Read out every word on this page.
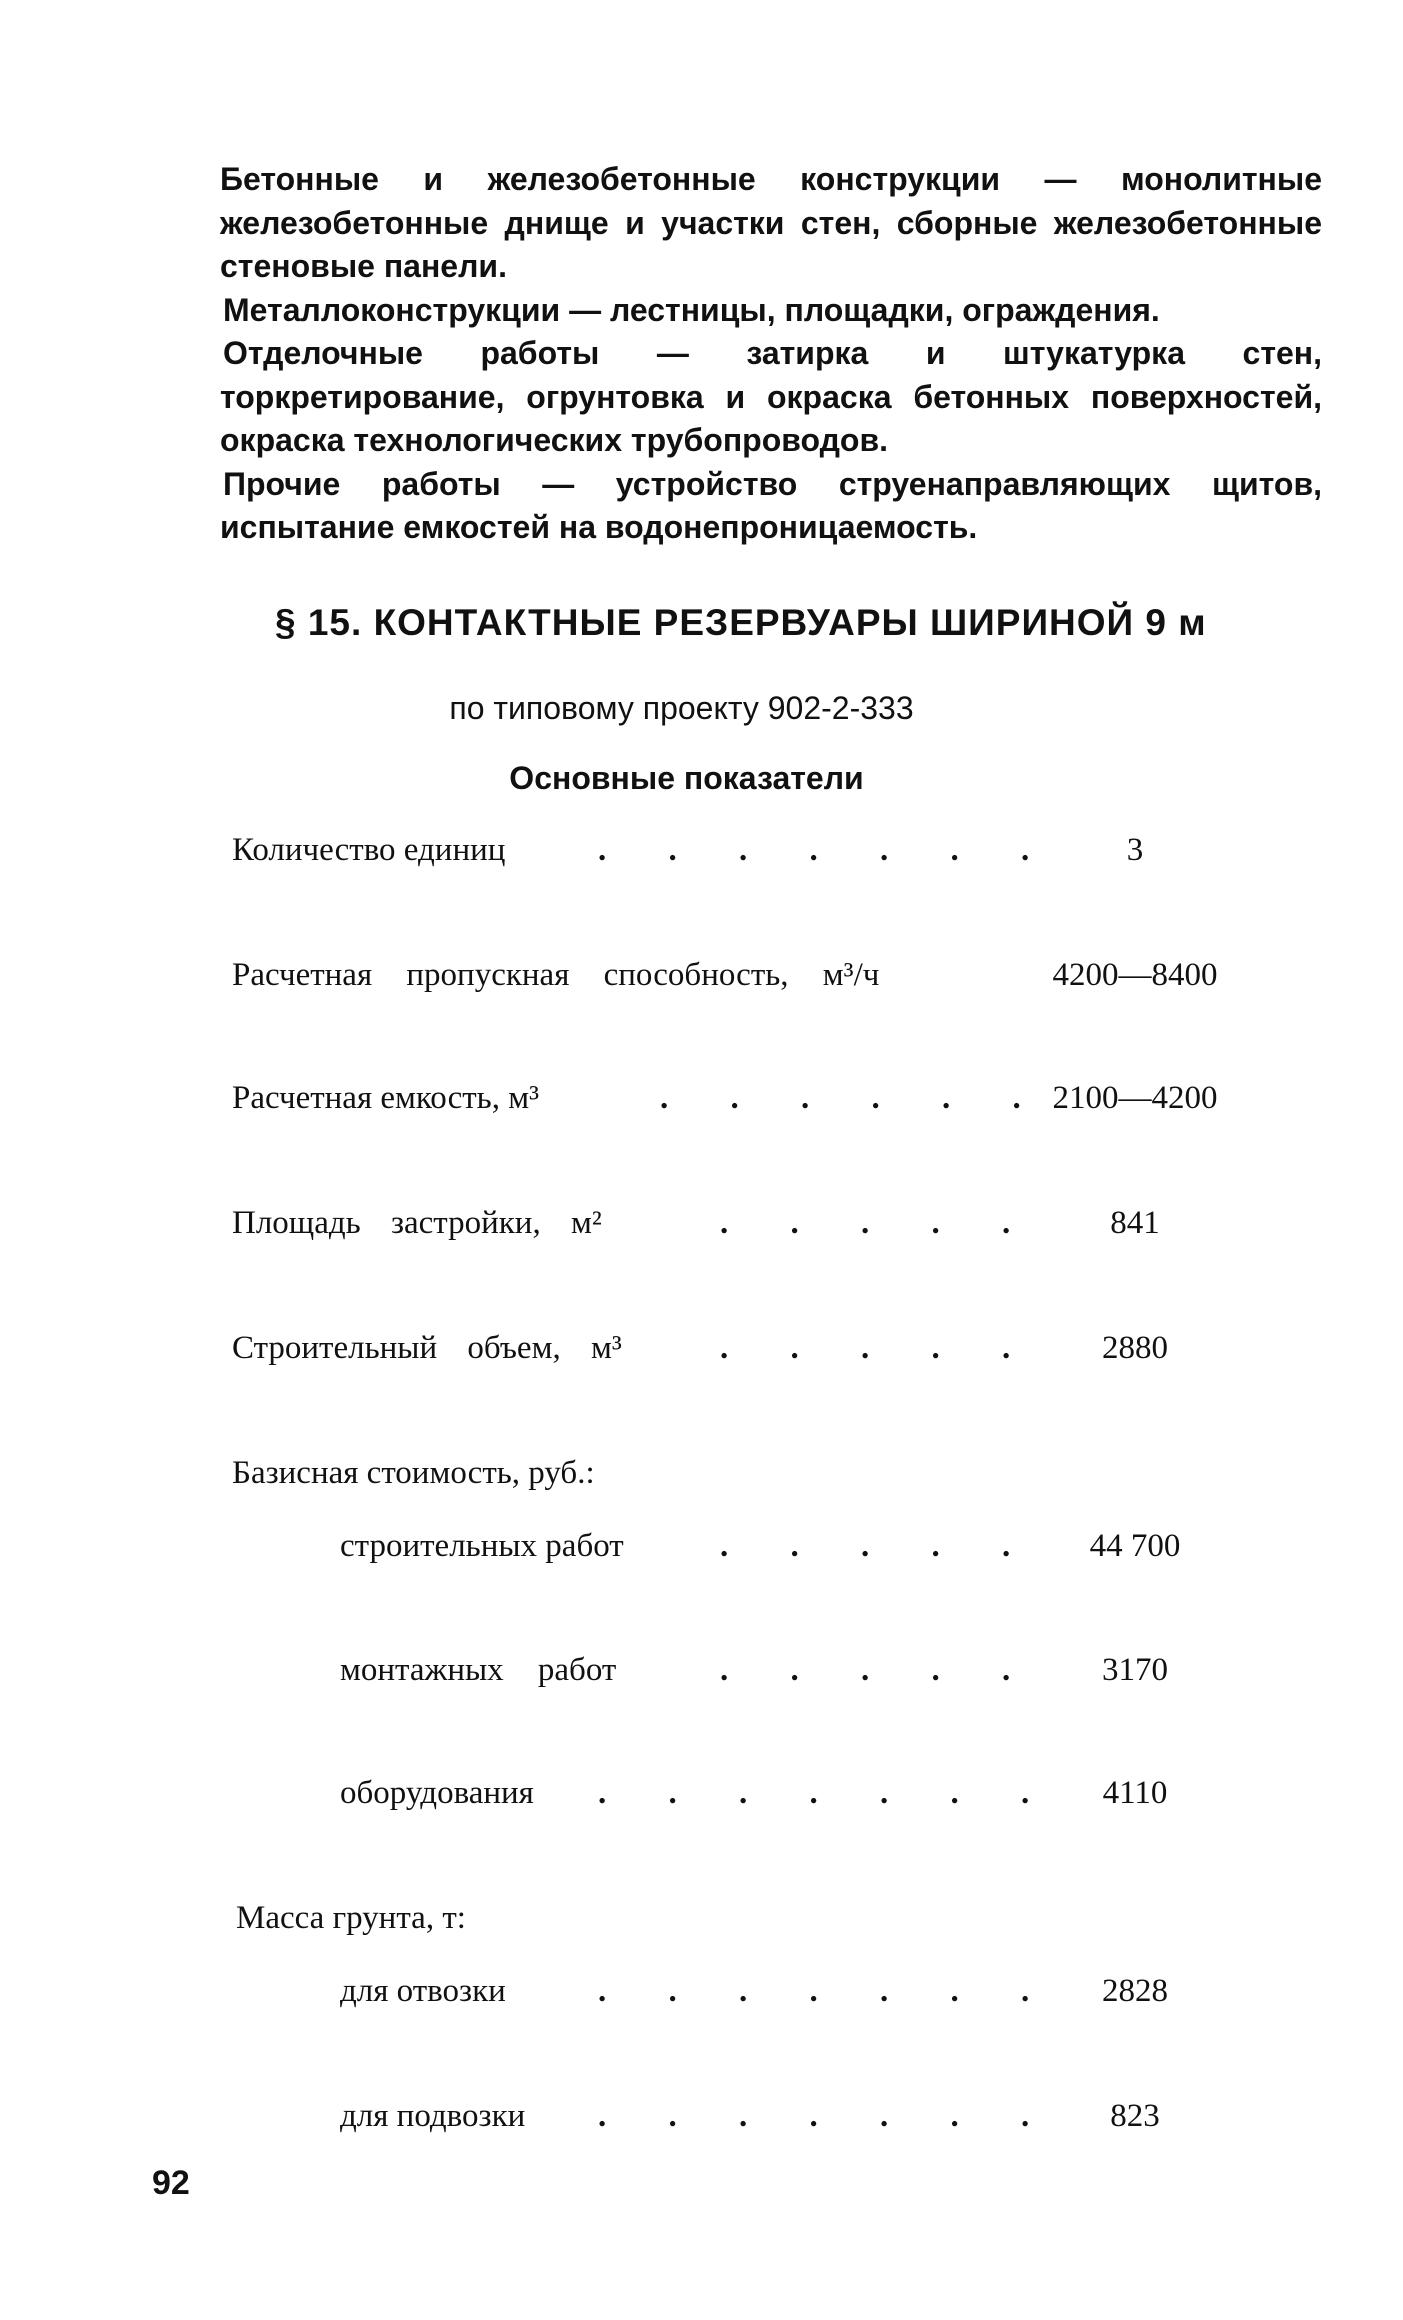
Бетонные и железобетонные конструкции — монолитные железобетонные днище и участки стен, сборные железобетонные стеновые панели.

Металлоконструкции — лестницы, площадки, ограждения.

Отделочные работы — затирка и штукатурка стен, торкретирование, огрунтовка и окраска бетонных поверхностей, окраска технологических трубопроводов.

Прочие работы — устройство струенаправляющих щитов, испытание емкостей на водонепроницаемость.

§ 15. КОНТАКТНЫЕ РЕЗЕРВУАРЫ ШИРИНОЙ 9 м
по типовому проекту 902-2-333
Основные показатели
Количество единиц	. . . . . . .	3
Расчетная пропускная способность, м³/ч	4200—8400
Расчетная емкость, м³	. . . . . . 2100—4200
Площадь застройки, м²	. . . . .	841
Строительный объем, м³	. . . . .	2880
Базисная стоимость, руб.:
строительных работ	. . . . .	44 700
монтажных работ	. . . . .	3170
оборудования . . . . . . .	4110
Масса грунта, т:
для отвозки	. . . . . . .	2828
для подвозки . . . . . . .	823
92
